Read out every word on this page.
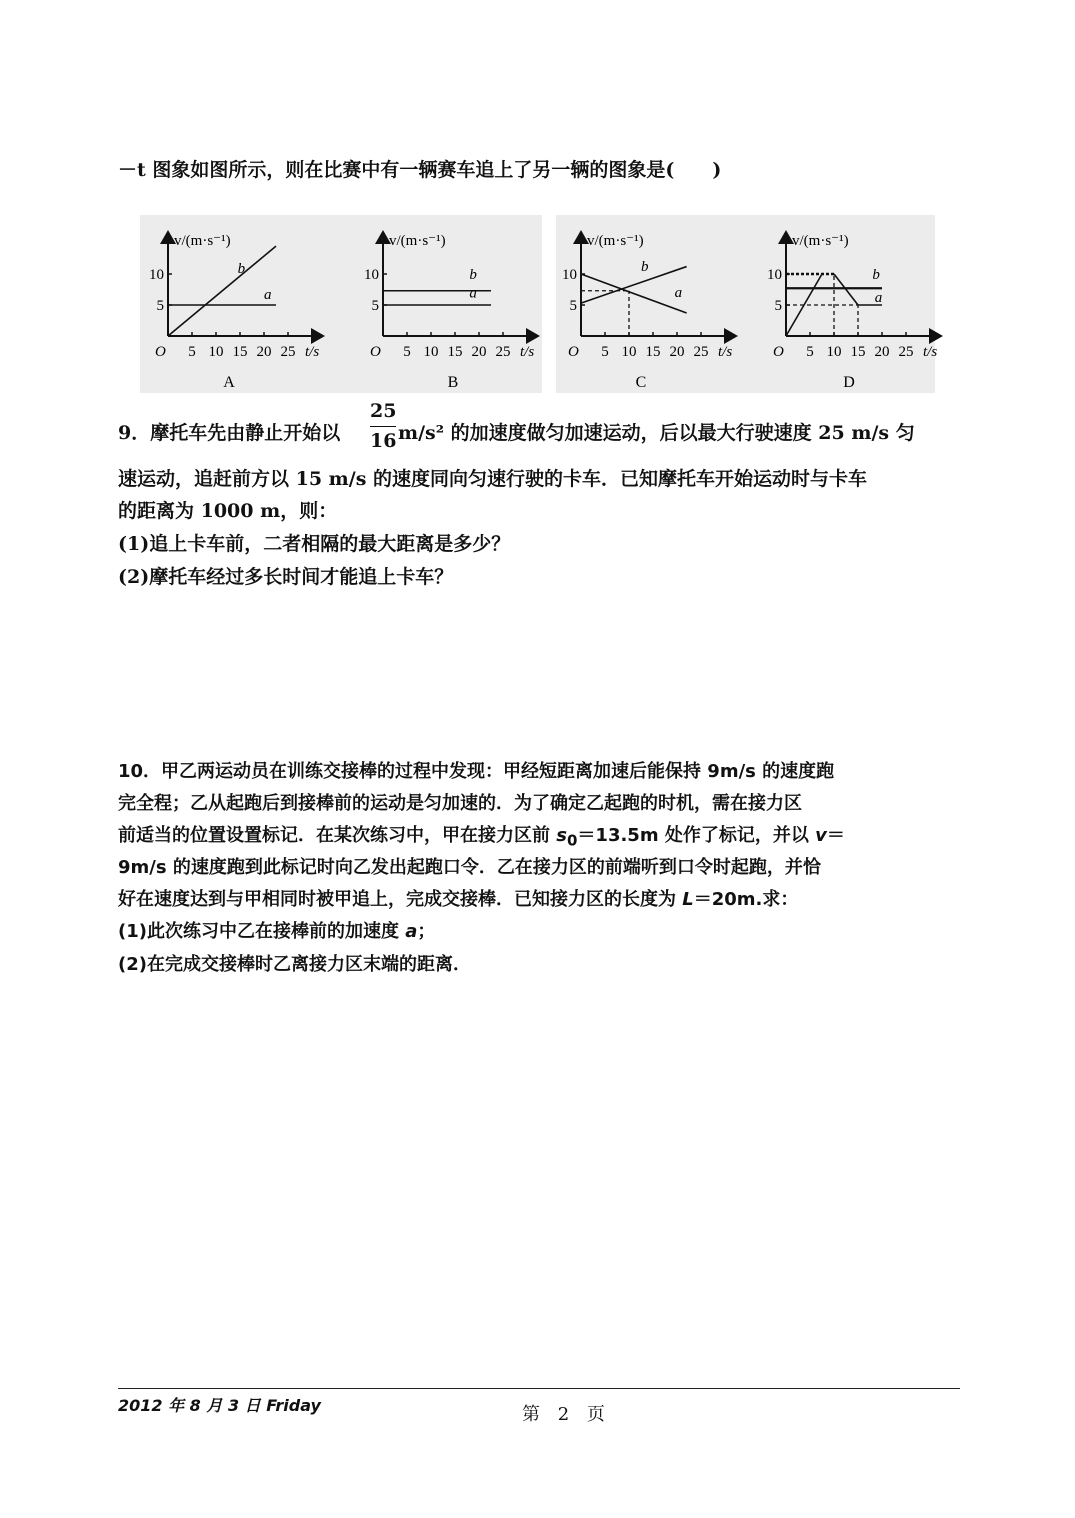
－t 图象如图所示，则在比赛中有一辆赛车追上了另一辆的图象是(　　)
v/(m·s⁻¹)
t/s
O 5 10 15 20 25
10
5
v/(m·s⁻¹)
t/s
O 5 10 15 20 25
10
5
v/(m·s⁻¹)
t/s
O 5 10 15 20 25
10
5
v/(m·s⁻¹)
t/s
O 5 10 15 20 25
10
5
b
a
b
a
b
a
b
a
A	B	C	D
9．摩托车先由静止开始以
25
16 m/s² 的加速度做匀加速运动，后以最大行驶速度 25 m/s 匀
速运动，追赶前方以 15 m/s 的速度同向匀速行驶的卡车．已知摩托车开始运动时与卡车
的距离为 1000 m，则：
(1)追上卡车前，二者相隔的最大距离是多少？
(2)摩托车经过多长时间才能追上卡车？
10．甲乙两运动员在训练交接棒的过程中发现：甲经短距离加速后能保持 9m/s 的速度跑
完全程；乙从起跑后到接棒前的运动是匀加速的．为了确定乙起跑的时机，需在接力区
前适当的位置设置标记．在某次练习中，甲在接力区前 $s_0=13.5m$ 处作了标记，并以 v＝
9m/s 的速度跑到此标记时向乙发出起跑口令．乙在接力区的前端听到口令时起跑，并恰
好在速度达到与甲相同时被甲追上，完成交接棒．已知接力区的长度为 L＝20m.求：
(1)此次练习中乙在接棒前的加速度 a；
(2)在完成交接棒时乙离接力区末端的距离．
2012 年 8 月 3 日 Friday	第 2 页
